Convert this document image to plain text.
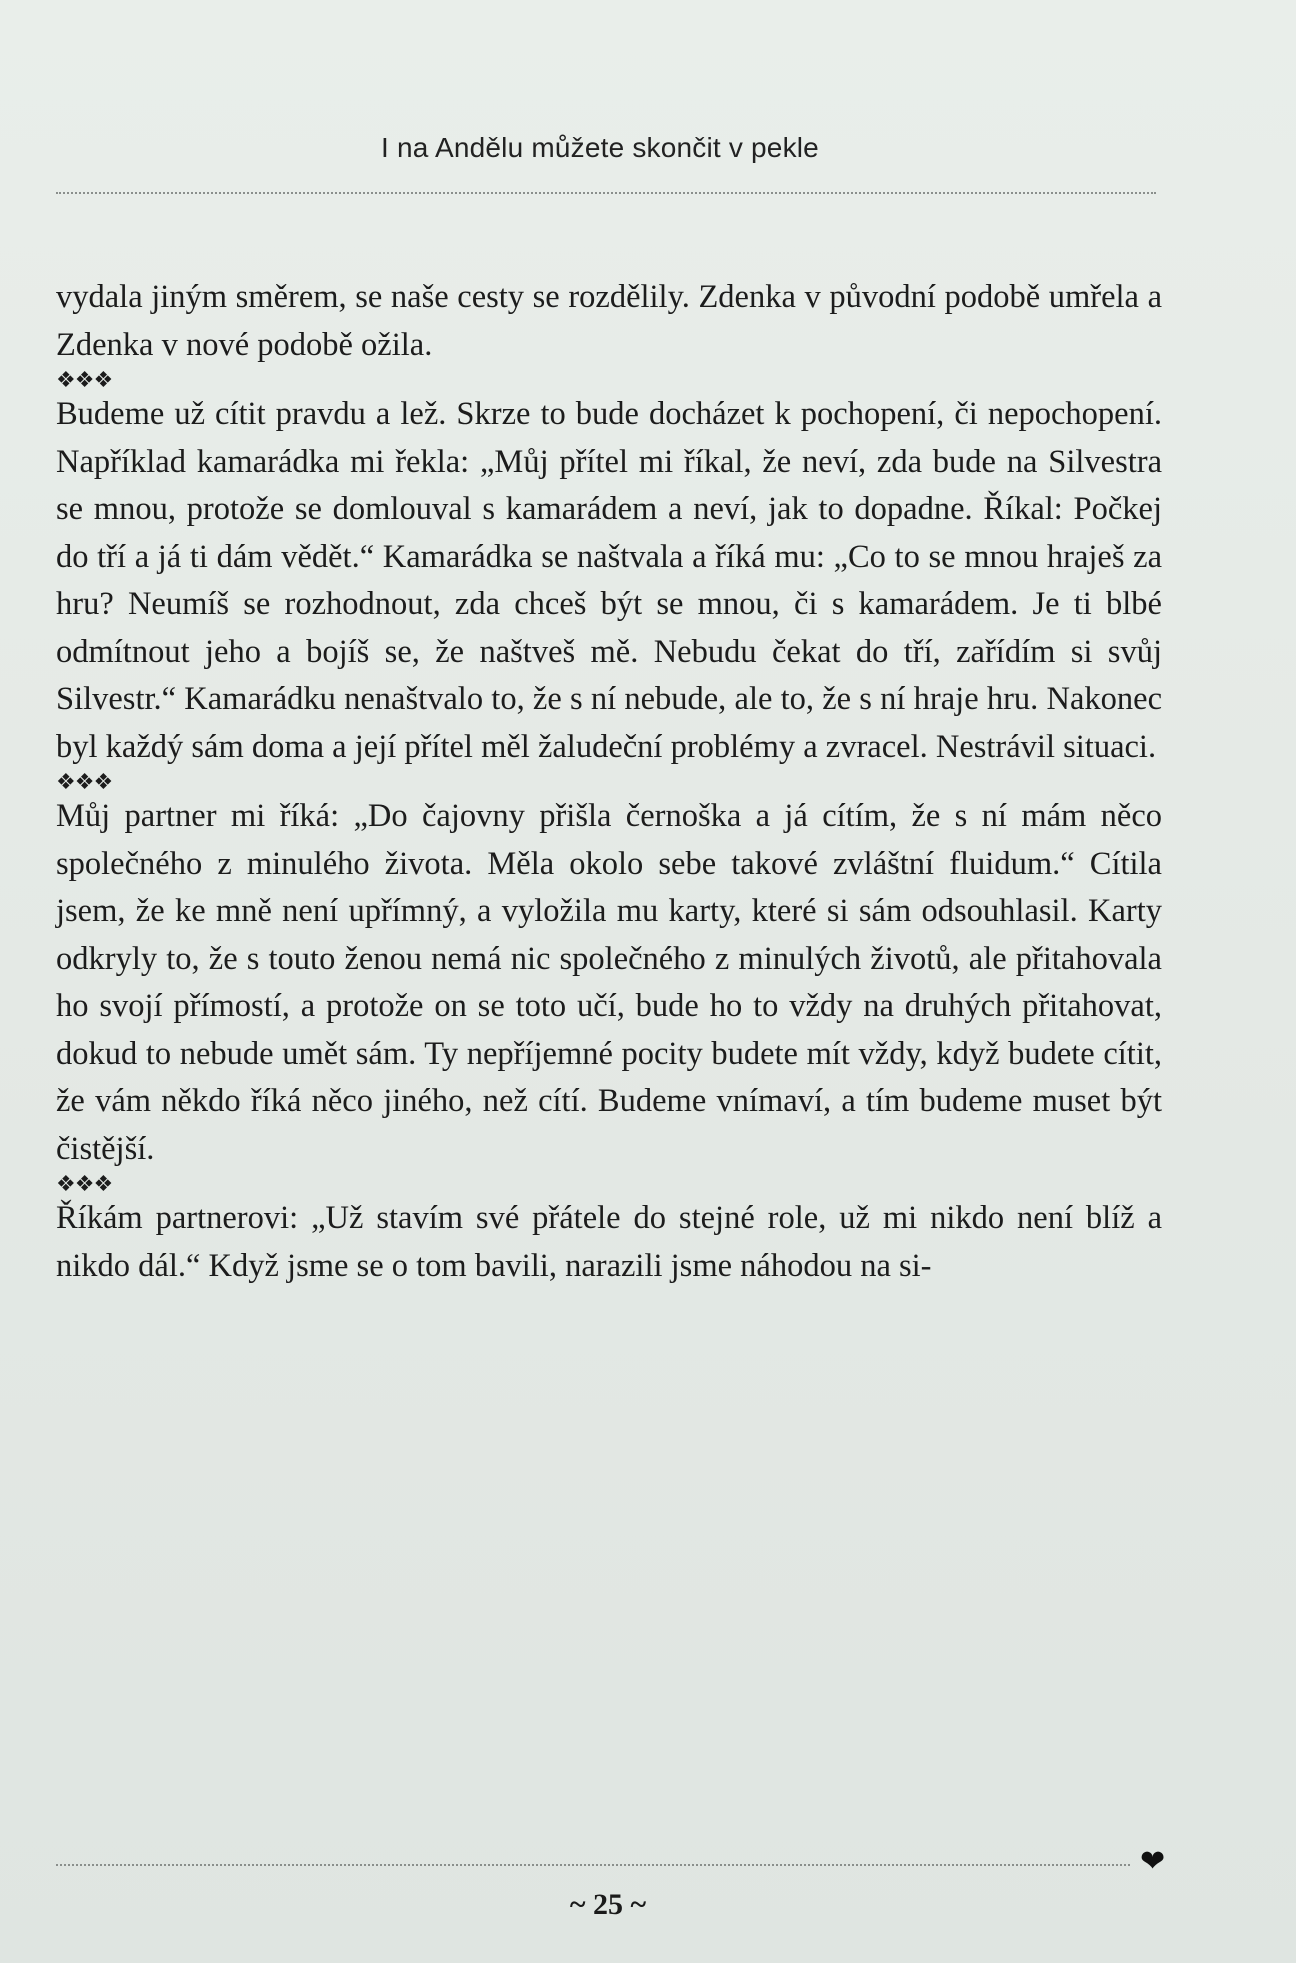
I na Andělu můžete skončit v pekle

vydala jiným směrem, se naše cesty se rozdělily. Zdenka v původní podobě umřela a Zdenka v nové podobě ožila.

❖❖❖

Budeme už cítit pravdu a lež. Skrze to bude docházet k pochopení, či nepochopení. Například kamarádka mi řekla: „Můj přítel mi říkal, že neví, zda bude na Silvestra se mnou, protože se domlouval s kamarádem a neví, jak to dopadne. Říkal: Počkej do tří a já ti dám vědět.“ Kamarádka se naštvala a říká mu: „Co to se mnou hraješ za hru? Neumíš se rozhodnout, zda chceš být se mnou, či s kamarádem. Je ti blbé odmítnout jeho a bojíš se, že naštveš mě. Nebudu čekat do tří, zařídím si svůj Silvestr.“ Kamarádku nenaštvalo to, že s ní nebude, ale to, že s ní hraje hru. Nakonec byl každý sám doma a její přítel měl žaludeční problémy a zvracel. Nestrávil situaci.

❖❖❖

Můj partner mi říká: „Do čajovny přišla černoška a já cítím, že s ní mám něco společného z minulého života. Měla okolo sebe takové zvláštní fluidum.“ Cítila jsem, že ke mně není upřímný, a vyložila mu karty, které si sám odsouhlasil. Karty odkryly to, že s touto ženou nemá nic společného z minulých životů, ale přitahovala ho svojí přímostí, a protože on se toto učí, bude ho to vždy na druhých přitahovat, dokud to nebude umět sám. Ty nepříjemné pocity budete mít vždy, když budete cítit, že vám někdo říká něco jiného, než cítí. Budeme vnímaví, a tím budeme muset být čistější.

❖❖❖

Říkám partnerovi: „Už stavím své přátele do stejné role, už mi nikdo není blíž a nikdo dál.“ Když jsme se o tom bavili, narazili jsme náhodou na si-

❤
~ 25 ~
